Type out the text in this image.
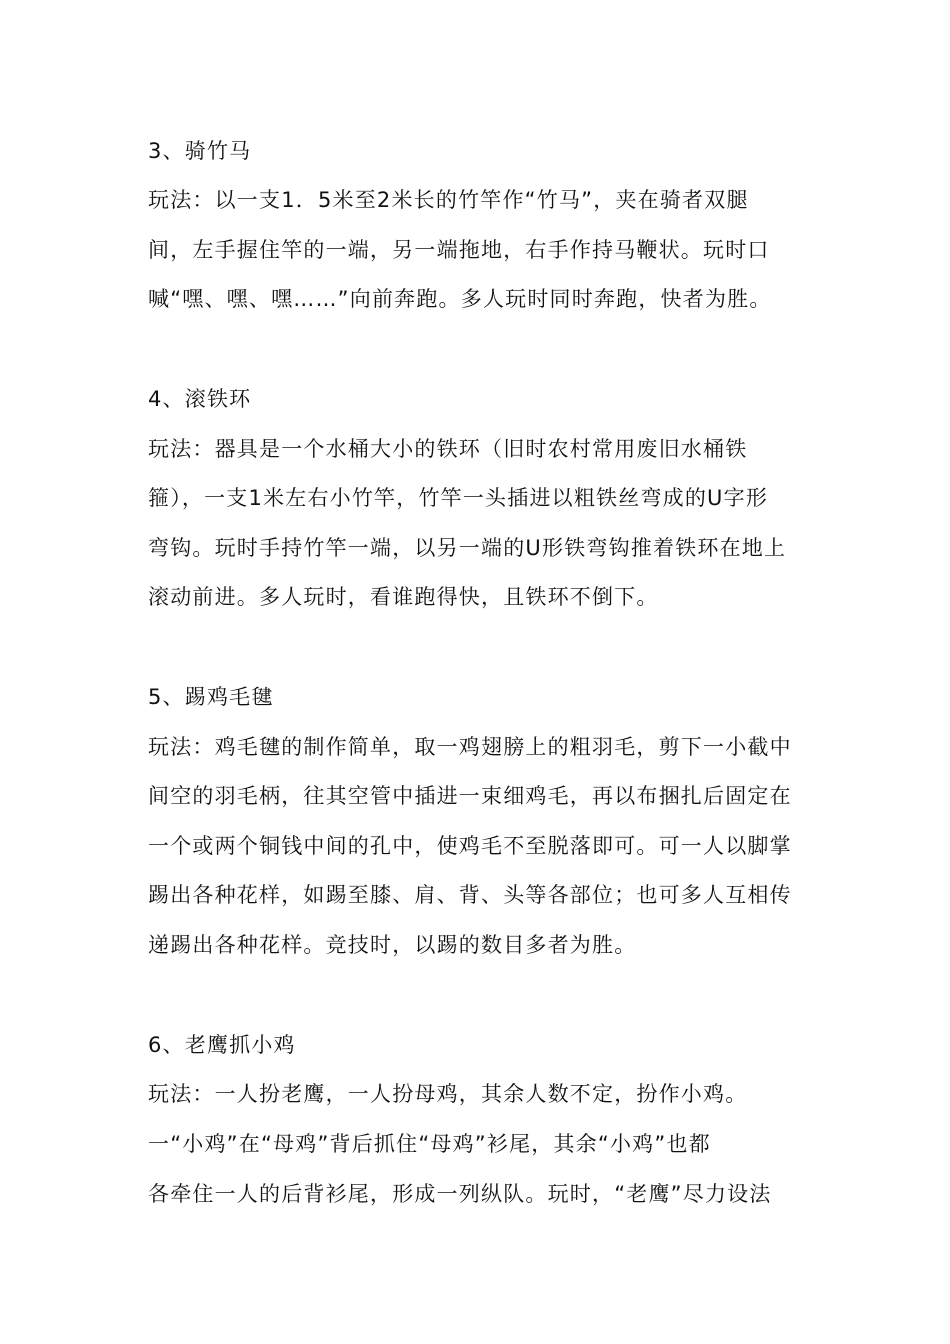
3、骑竹马
玩法：以一支1．5米至2米长的竹竿作“竹马”，夹在骑者双腿
间，左手握住竿的一端，另一端拖地，右手作持马鞭状。玩时口
喊“嘿、嘿、嘿……”向前奔跑。多人玩时同时奔跑，快者为胜。
4、滚铁环
玩法：器具是一个水桶大小的铁环（旧时农村常用废旧水桶铁
箍），一支1米左右小竹竿，竹竿一头插进以粗铁丝弯成的U字形
弯钩。玩时手持竹竿一端，以另一端的U形铁弯钩推着铁环在地上
滚动前进。多人玩时，看谁跑得快，且铁环不倒下。
5、踢鸡毛毽
玩法：鸡毛毽的制作简单，取一鸡翅膀上的粗羽毛，剪下一小截中
间空的羽毛柄，往其空管中插进一束细鸡毛，再以布捆扎后固定在
一个或两个铜钱中间的孔中，使鸡毛不至脱落即可。可一人以脚掌
踢出各种花样，如踢至膝、肩、背、头等各部位；也可多人互相传
递踢出各种花样。竞技时，以踢的数目多者为胜。
6、老鹰抓小鸡
玩法：一人扮老鹰，一人扮母鸡，其余人数不定，扮作小鸡。
一“小鸡”在“母鸡”背后抓住“母鸡”衫尾，其余“小鸡”也都
各牵住一人的后背衫尾，形成一列纵队。玩时，“老鹰”尽力设法
